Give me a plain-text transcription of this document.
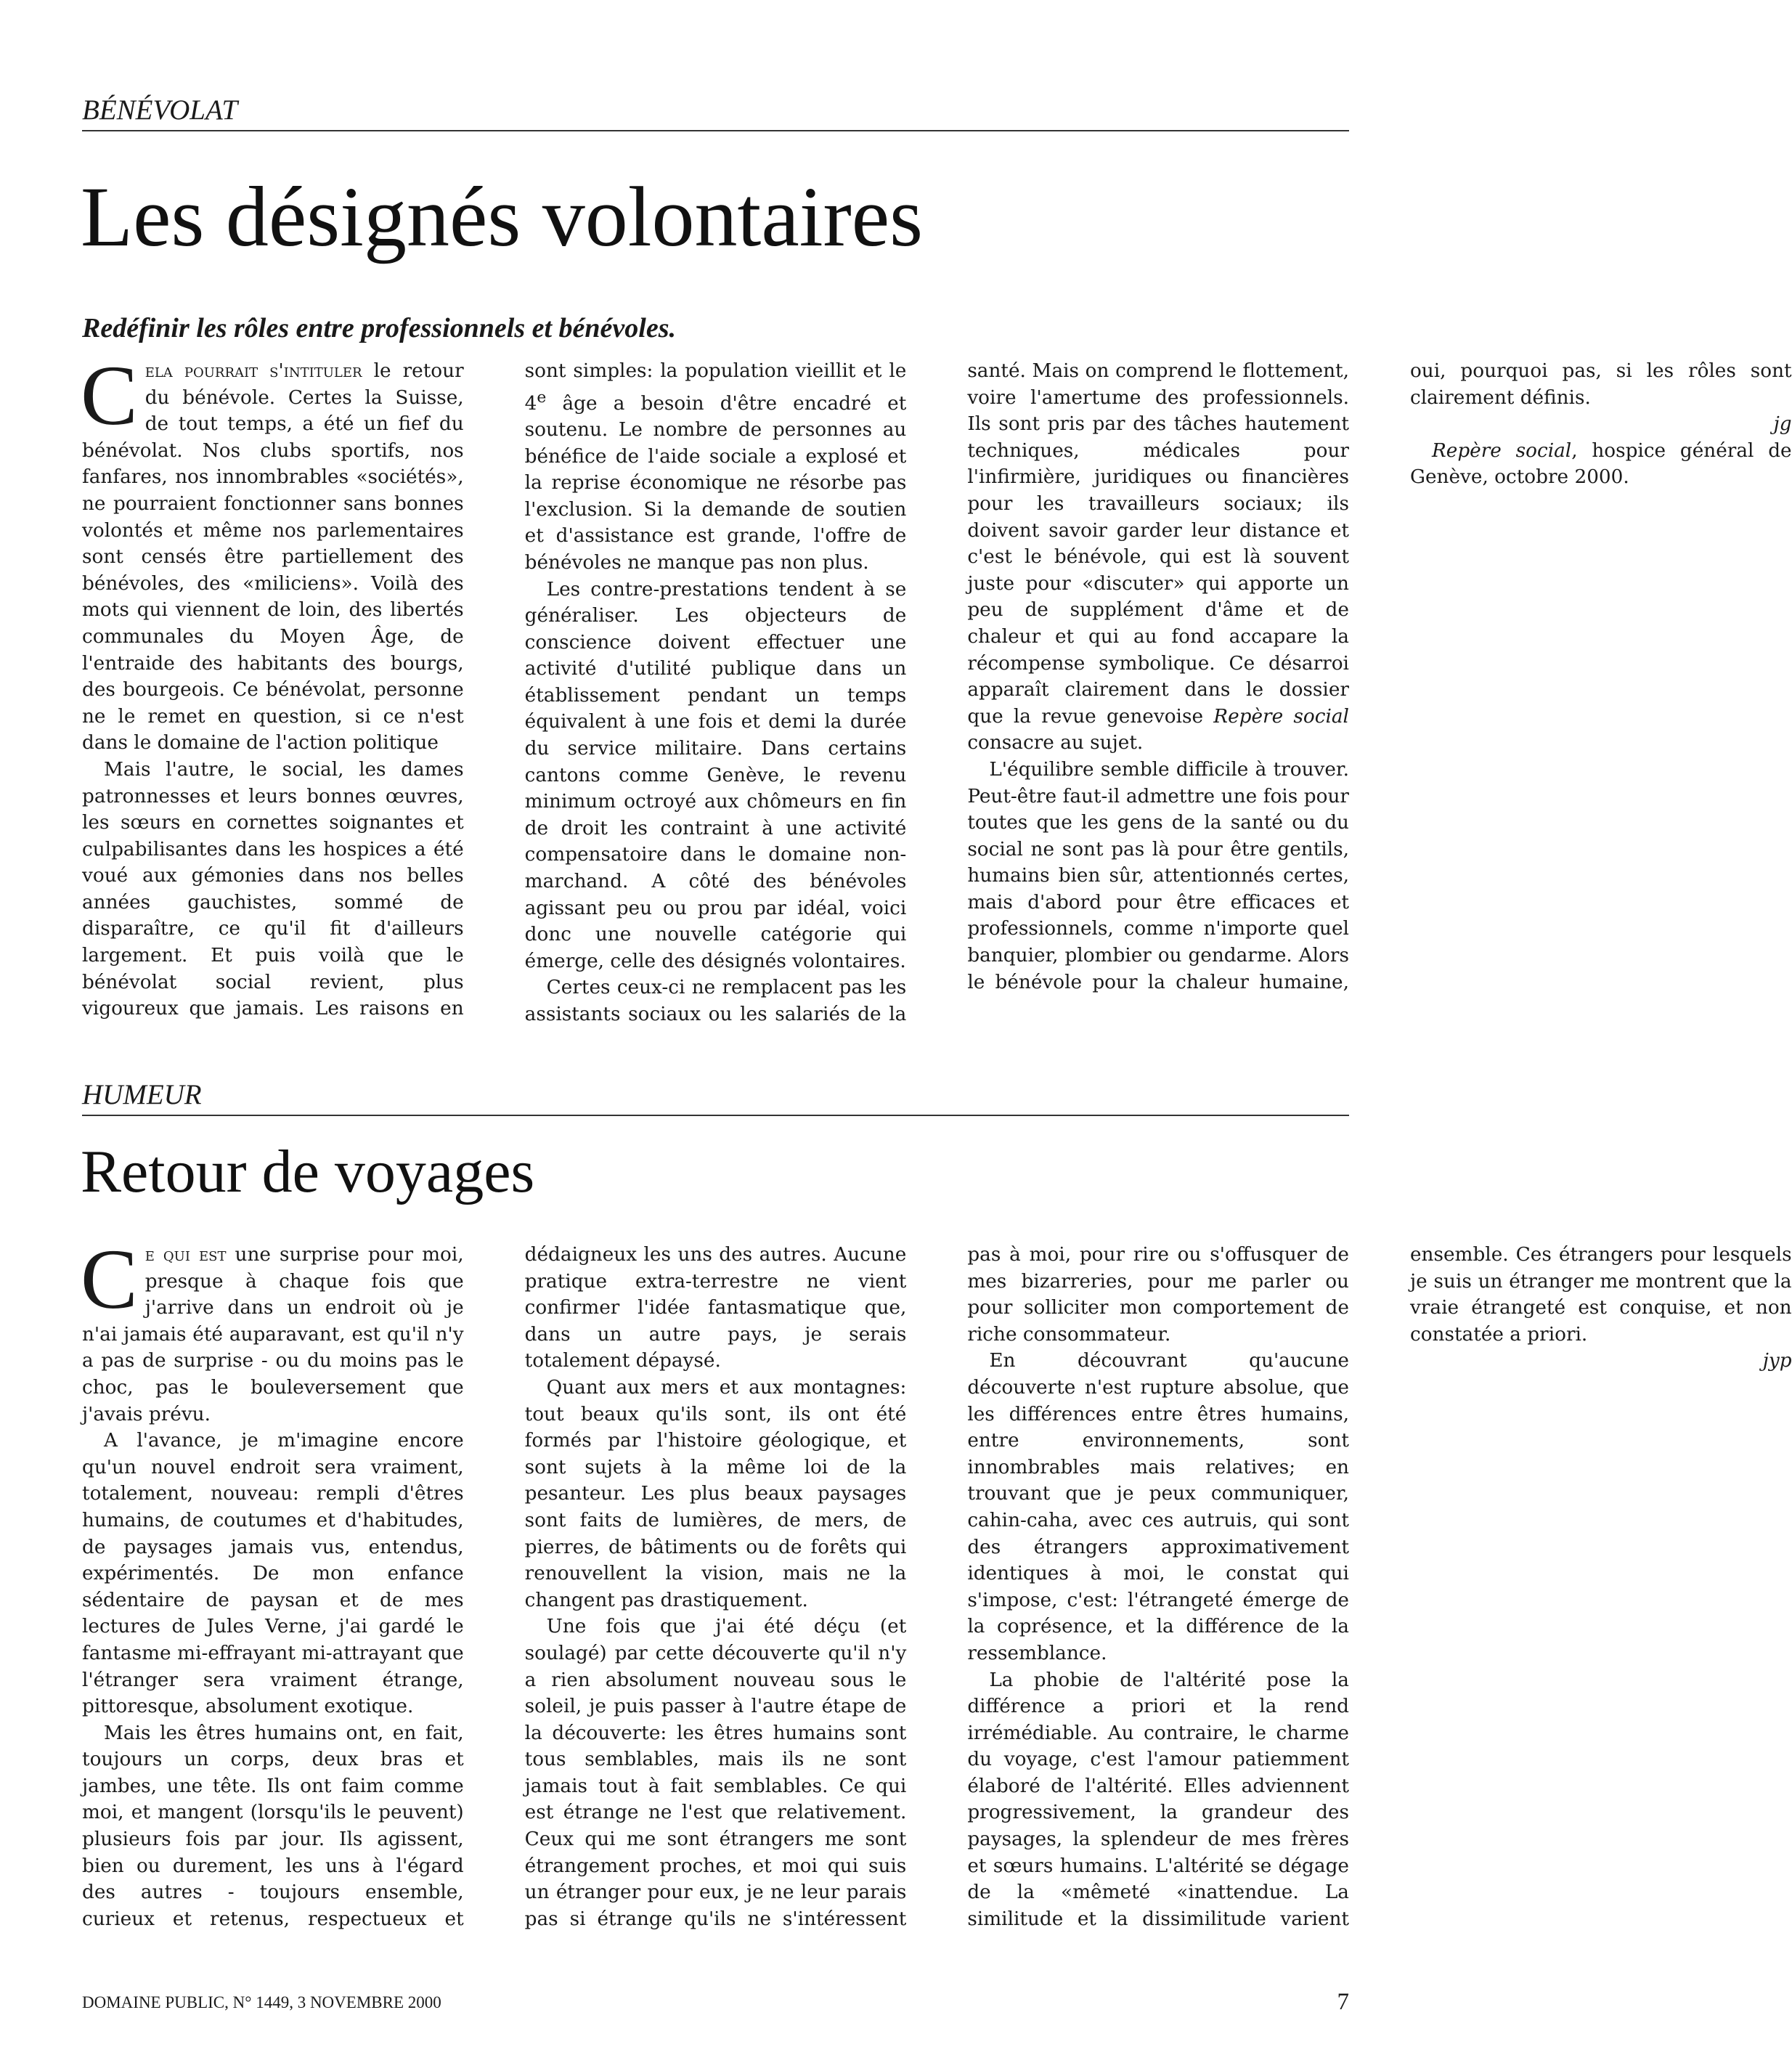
BÉNÉVOLAT
Les désignés volontaires

Redéfinir les rôles entre professionnels et bénévoles.

Cela pourrait s'intituler le retour du bénévole. Certes la Suisse, de tout temps, a été un fief du bénévolat. Nos clubs sportifs, nos fanfares, nos innombrables «sociétés», ne pourraient fonctionner sans bonnes volontés et même nos parlementaires sont censés être partiellement des bénévoles, des «miliciens». Voilà des mots qui viennent de loin, des libertés communales du Moyen Âge, de l'entraide des habitants des bourgs, des bourgeois. Ce bénévolat, personne ne le remet en question, si ce n'est dans le domaine de l'action politique

Mais l'autre, le social, les dames patronnesses et leurs bonnes œuvres, les sœurs en cornettes soignantes et culpabilisantes dans les hospices a été voué aux gémonies dans nos belles années gauchistes, sommé de disparaître, ce qu'il fit d'ailleurs largement. Et puis voilà que le bénévolat social revient, plus vigoureux que jamais. Les raisons en sont simples: la population vieillit et le 4e âge a besoin d'être encadré et soutenu. Le nombre de personnes au bénéfice de l'aide sociale a explosé et la reprise économique ne résorbe pas l'exclusion. Si la demande de soutien et d'assistance est grande, l'offre de bénévoles ne manque pas non plus.

Les contre-prestations tendent à se généraliser. Les objecteurs de conscience doivent effectuer une activité d'utilité publique dans un établissement pendant un temps équivalent à une fois et demi la durée du service militaire. Dans certains cantons comme Genève, le revenu minimum octroyé aux chômeurs en fin de droit les contraint à une activité compensatoire dans le domaine non-marchand. A côté des bénévoles agissant peu ou prou par idéal, voici donc une nouvelle catégorie qui émerge, celle des désignés volontaires.

Certes ceux-ci ne remplacent pas les assistants sociaux ou les salariés de la santé. Mais on comprend le flottement, voire l'amertume des professionnels. Ils sont pris par des tâches hautement techniques, médicales pour l'infirmière, juridiques ou financières pour les travailleurs sociaux; ils doivent savoir garder leur distance et c'est le bénévole, qui est là souvent juste pour «discuter» qui apporte un peu de supplément d'âme et de chaleur et qui au fond accapare la récompense symbolique. Ce désarroi apparaît clairement dans le dossier que la revue genevoise Repère social consacre au sujet.

L'équilibre semble difficile à trouver. Peut-être faut-il admettre une fois pour toutes que les gens de la santé ou du social ne sont pas là pour être gentils, humains bien sûr, attentionnés certes, mais d'abord pour être efficaces et professionnels, comme n'importe quel banquier, plombier ou gendarme. Alors le bénévole pour la chaleur humaine, oui, pourquoi pas, si les rôles sont clairement définis.
jg

Repère social, hospice général de Genève, octobre 2000.

HUMEUR
Retour de voyages

Ce qui est une surprise pour moi, presque à chaque fois que j'arrive dans un endroit où je n'ai jamais été auparavant, est qu'il n'y a pas de surprise - ou du moins pas le choc, pas le bouleversement que j'avais prévu.

A l'avance, je m'imagine encore qu'un nouvel endroit sera vraiment, totalement, nouveau: rempli d'êtres humains, de coutumes et d'habitudes, de paysages jamais vus, entendus, expérimentés. De mon enfance sédentaire de paysan et de mes lectures de Jules Verne, j'ai gardé le fantasme mi-effrayant mi-attrayant que l'étranger sera vraiment étrange, pittoresque, absolument exotique.

Mais les êtres humains ont, en fait, toujours un corps, deux bras et jambes, une tête. Ils ont faim comme moi, et mangent (lorsqu'ils le peuvent) plusieurs fois par jour. Ils agissent, bien ou durement, les uns à l'égard des autres - toujours ensemble, curieux et retenus, respectueux et dédaigneux les uns des autres. Aucune pratique extra-terrestre ne vient confirmer l'idée fantasmatique que, dans un autre pays, je serais totalement dépaysé.

Quant aux mers et aux montagnes: tout beaux qu'ils sont, ils ont été formés par l'histoire géologique, et sont sujets à la même loi de la pesanteur. Les plus beaux paysages sont faits de lumières, de mers, de pierres, de bâtiments ou de forêts qui renouvellent la vision, mais ne la changent pas drastiquement.

Une fois que j'ai été déçu (et soulagé) par cette découverte qu'il n'y a rien absolument nouveau sous le soleil, je puis passer à l'autre étape de la découverte: les êtres humains sont tous semblables, mais ils ne sont jamais tout à fait semblables. Ce qui est étrange ne l'est que relativement. Ceux qui me sont étrangers me sont étrangement proches, et moi qui suis un étranger pour eux, je ne leur parais pas si étrange qu'ils ne s'intéressent pas à moi, pour rire ou s'offusquer de mes bizarreries, pour me parler ou pour solliciter mon comportement de riche consommateur.

En découvrant qu'aucune découverte n'est rupture absolue, que les différences entre êtres humains, entre environnements, sont innombrables mais relatives; en trouvant que je peux communiquer, cahin-caha, avec ces autruis, qui sont des étrangers approximativement identiques à moi, le constat qui s'impose, c'est: l'étrangeté émerge de la coprésence, et la différence de la ressemblance.

La phobie de l'altérité pose la différence a priori et la rend irrémédiable. Au contraire, le charme du voyage, c'est l'amour patiemment élaboré de l'altérité. Elles adviennent progressivement, la grandeur des paysages, la splendeur de mes frères et sœurs humains. L'altérité se dégage de la «mêmeté «inattendue. La similitude et la dissimilitude varient ensemble. Ces étrangers pour lesquels je suis un étranger me montrent que la vraie étrangeté est conquise, et non constatée a priori.
jyp

DOMAINE PUBLIC, N° 1449, 3 NOVEMBRE 2000	7
